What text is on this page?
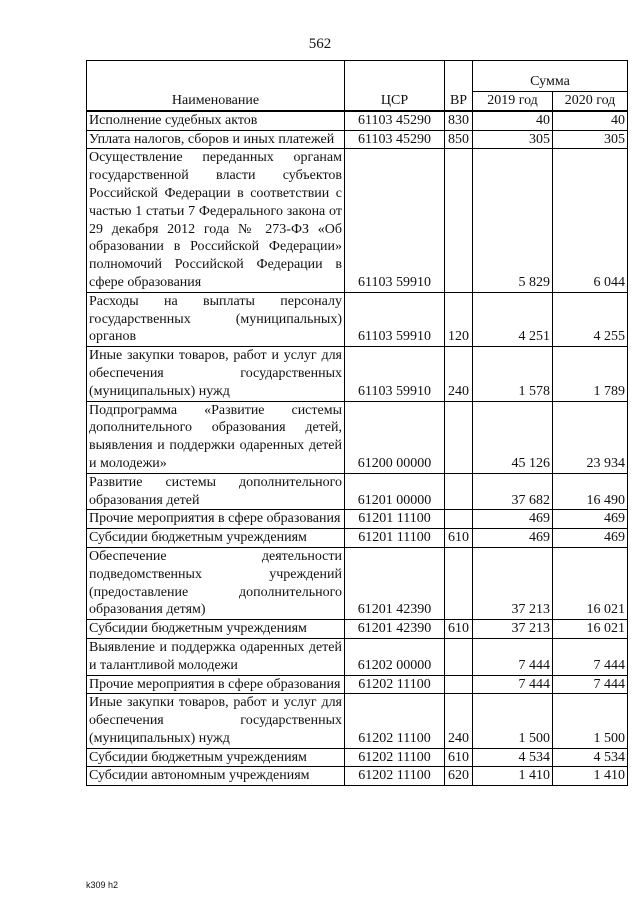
562
Наименование	ЦСР	ВР	Сумма	
			2019 год	2020 год
Исполнение судебных актов	61103 45290	830	40	40
Уплата налогов, сборов и иных платежей	61103 45290	850	305	305
Осуществление переданных органам государственной власти субъектов Российской Федерации в соответствии с частью 1 статьи 7 Федерального закона от 29 декабря 2012 года № 273-ФЗ «Об образовании в Российской Федерации» полномочий Российской Федерации в сфере образования	61103 59910		5 829	6 044
Расходы на выплаты персоналу государственных (муниципальных) органов	61103 59910	120	4 251	4 255
Иные закупки товаров, работ и услуг для обеспечения государственных (муниципальных) нужд	61103 59910	240	1 578	1 789
Подпрограмма «Развитие системы дополнительного образования детей, выявления и поддержки одаренных детей и молодежи»	61200 00000		45 126	23 934
Развитие системы дополнительного образования детей	61201 00000		37 682	16 490
Прочие мероприятия в сфере образования	61201 11100		469	469
Субсидии бюджетным учреждениям	61201 11100	610	469	469
Обеспечение деятельности подведомственных учреждений (предоставление дополнительного образования детям)	61201 42390		37 213	16 021
Субсидии бюджетным учреждениям	61201 42390	610	37 213	16 021
Выявление и поддержка одаренных детей и талантливой молодежи	61202 00000		7 444	7 444
Прочие мероприятия в сфере образования	61202 11100		7 444	7 444
Иные закупки товаров, работ и услуг для обеспечения государственных (муниципальных) нужд	61202 11100	240	1 500	1 500
Субсидии бюджетным учреждениям	61202 11100	610	4 534	4 534
Субсидии автономным учреждениям	61202 11100	620	1 410	1 410
k309 h2
